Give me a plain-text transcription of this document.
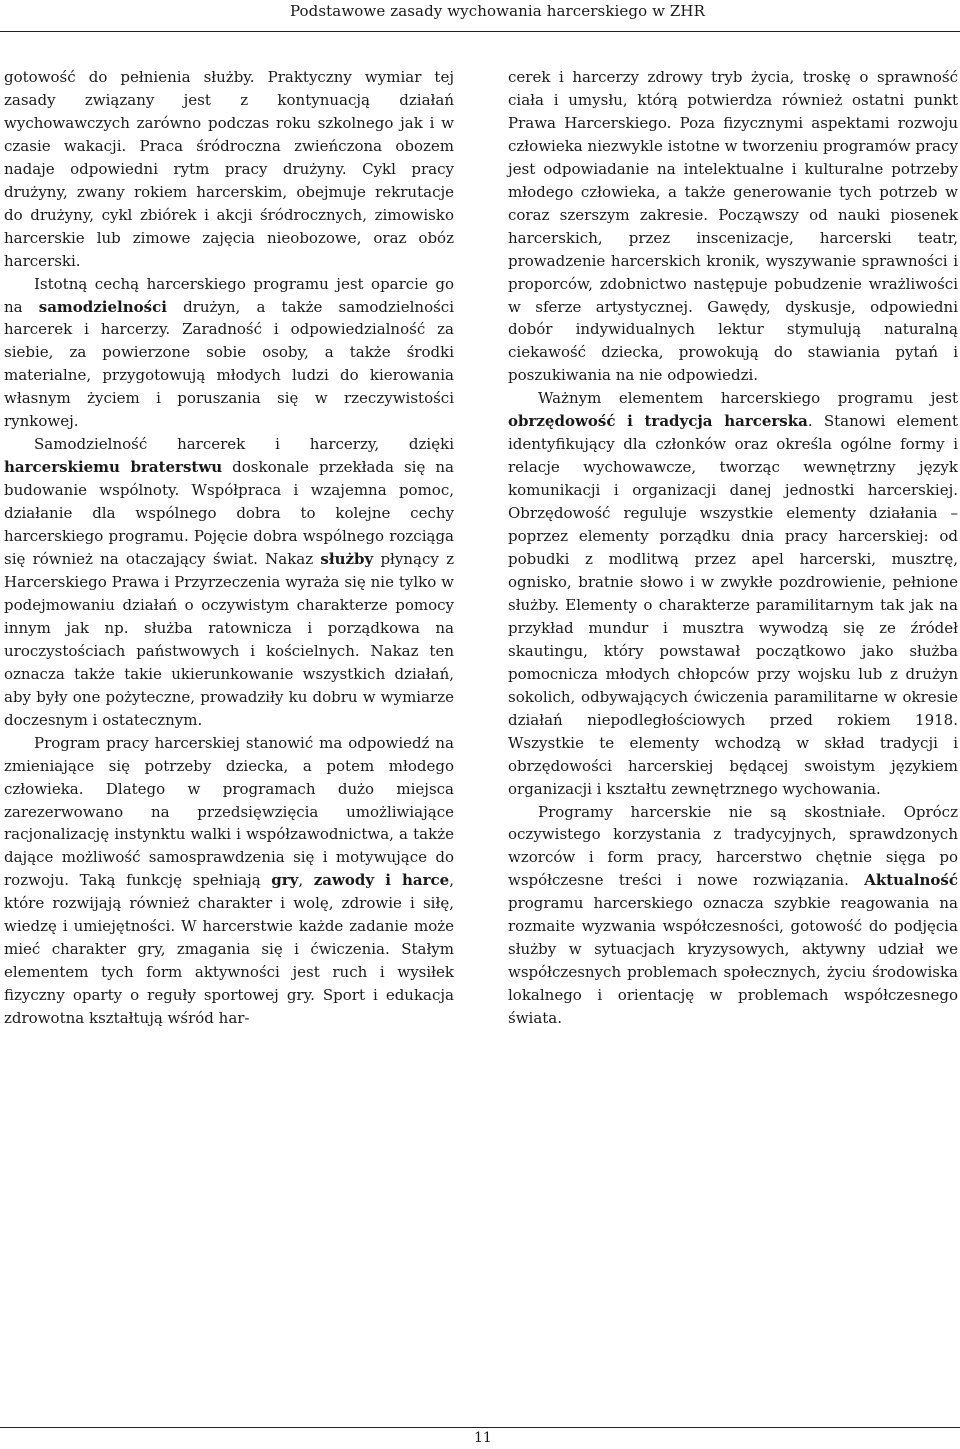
Podstawowe zasady wychowania harcerskiego w ZHR

gotowość do pełnienia służby. Praktyczny wymiar tej zasady związany jest z kontynuacją działań wychowawczych zarówno podczas roku szkolnego jak i w czasie wakacji. Praca śródroczna zwieńczona obozem nadaje odpowiedni rytm pracy drużyny. Cykl pracy drużyny, zwany rokiem harcerskim, obejmuje rekrutacje do drużyny, cykl zbiórek i akcji śródrocznych, zimowisko harcerskie lub zimowe zajęcia nieobozowe, oraz obóz harcerski.

Istotną cechą harcerskiego programu jest oparcie go na samodzielności drużyn, a także samodzielności harcerek i harcerzy. Zaradność i odpowiedzialność za siebie, za powierzone sobie osoby, a także środki materialne, przygotowują młodych ludzi do kierowania własnym życiem i poruszania się w rzeczywistości rynkowej.

Samodzielność harcerek i harcerzy, dzięki harcerskiemu braterstwu doskonale przekłada się na budowanie wspólnoty. Współpraca i wzajemna pomoc, działanie dla wspólnego dobra to kolejne cechy harcerskiego programu. Pojęcie dobra wspólnego rozciąga się również na otaczający świat. Nakaz służby płynący z Harcerskiego Prawa i Przyrzeczenia wyraża się nie tylko w podejmowaniu działań o oczywistym charakterze pomocy innym jak np. służba ratownicza i porządkowa na uroczystościach państwowych i kościelnych. Nakaz ten oznacza także takie ukierunkowanie wszystkich działań, aby były one pożyteczne, prowadziły ku dobru w wymiarze doczesnym i ostatecznym.

Program pracy harcerskiej stanowić ma odpowiedź na zmieniające się potrzeby dziecka, a potem młodego człowieka. Dlatego w programach dużo miejsca zarezerwowano na przedsięwzięcia umożliwiające racjonalizację instynktu walki i współzawodnictwa, a także dające możliwość samosprawdzenia się i motywujące do rozwoju. Taką funkcję spełniają gry, zawody i harce, które rozwijają również charakter i wolę, zdrowie i siłę, wiedzę i umiejętności. W harcerstwie każde zadanie może mieć charakter gry, zmagania się i ćwiczenia. Stałym elementem tych form aktywności jest ruch i wysiłek fizyczny oparty o reguły sportowej gry. Sport i edukacja zdrowotna kształtują wśród har-

cerek i harcerzy zdrowy tryb życia, troskę o sprawność ciała i umysłu, którą potwierdza również ostatni punkt Prawa Harcerskiego. Poza fizycznymi aspektami rozwoju człowieka niezwykle istotne w tworzeniu programów pracy jest odpowiadanie na intelektualne i kulturalne potrzeby młodego człowieka, a także generowanie tych potrzeb w coraz szerszym zakresie. Począwszy od nauki piosenek harcerskich, przez inscenizacje, harcerski teatr, prowadzenie harcerskich kronik, wyszywanie sprawności i proporców, zdobnictwo następuje pobudzenie wrażliwości w sferze artystycznej. Gawędy, dyskusje, odpowiedni dobór indywidualnych lektur stymulują naturalną ciekawość dziecka, prowokują do stawiania pytań i poszukiwania na nie odpowiedzi.

Ważnym elementem harcerskiego programu jest obrzędowość i tradycja harcerska. Stanowi element identyfikujący dla członków oraz określa ogólne formy i relacje wychowawcze, tworząc wewnętrzny język komunikacji i organizacji danej jednostki harcerskiej. Obrzędowość reguluje wszystkie elementy działania – poprzez elementy porządku dnia pracy harcerskiej: od pobudki z modlitwą przez apel harcerski, musztrę, ognisko, bratnie słowo i w zwykłe pozdrowienie, pełnione służby. Elementy o charakterze paramilitarnym tak jak na przykład mundur i musztra wywodzą się ze źródeł skautingu, który powstawał początkowo jako służba pomocnicza młodych chłopców przy wojsku lub z drużyn sokolich, odbywających ćwiczenia paramilitarne w okresie działań niepodległościowych przed rokiem 1918. Wszystkie te elementy wchodzą w skład tradycji i obrzędowości harcerskiej będącej swoistym językiem organizacji i kształtu zewnętrznego wychowania.

Programy harcerskie nie są skostniałe. Oprócz oczywistego korzystania z tradycyjnych, sprawdzonych wzorców i form pracy, harcerstwo chętnie sięga po współczesne treści i nowe rozwiązania. Aktualność programu harcerskiego oznacza szybkie reagowania na rozmaite wyzwania współczesności, gotowość do podjęcia służby w sytuacjach kryzysowych, aktywny udział we współczesnych problemach społecznych, życiu środowiska lokalnego i orientację w problemach współczesnego świata.

11
